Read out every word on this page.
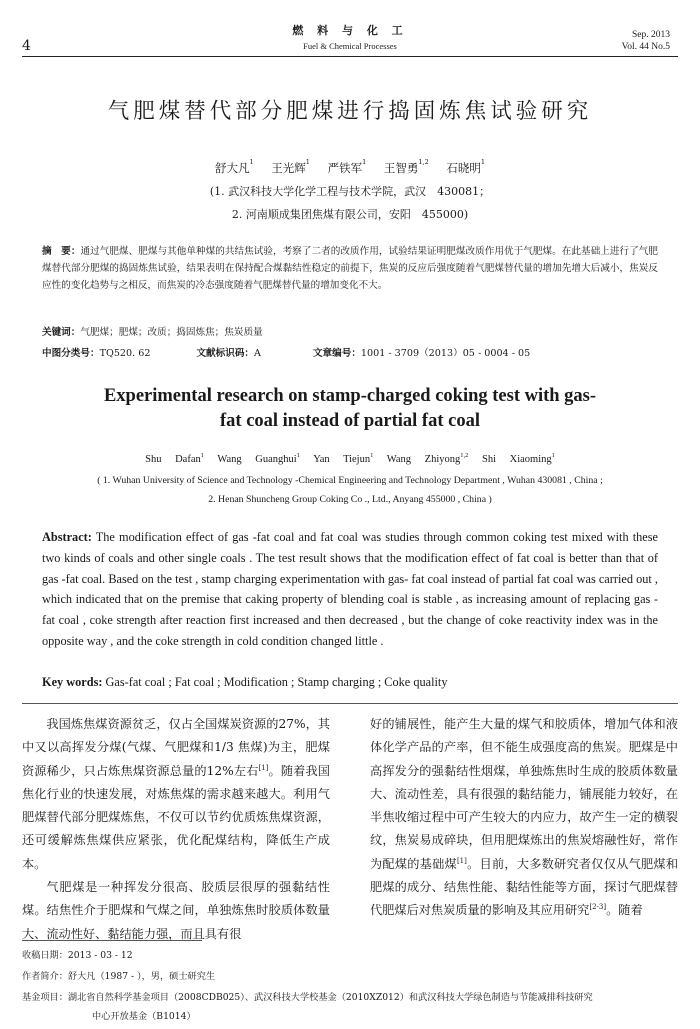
4
燃 料 与 化 工
Fuel & Chemical Processes
Sep. 2013
Vol. 44 No.5
气肥煤替代部分肥煤进行捣固炼焦试验研究
舒大凡$^1$ 王光辉$^1$ 严铁军$^1$ 王智勇$^{1,2}$ 石晓明$^1$
(1. 武汉科技大学化学工程与技术学院，武汉　430081；
2. 河南顺成集团焦煤有限公司，安阳　455000)
摘　要：通过气肥煤、肥煤与其他单种煤的共结焦试验，考察了二者的改质作用，试验结果证明肥煤改质作用优于气肥煤。在此基础上进行了气肥煤替代部分肥煤的捣固炼焦试验，结果表明在保持配合煤黏结性稳定的前提下，焦炭的反应后强度随着气肥煤替代量的增加先增大后减小，焦炭反应性的变化趋势与之相反，而焦炭的冷态强度随着气肥煤替代量的增加变化不大。
关键词：气肥煤；肥煤；改质；捣固炼焦；焦炭质量
中图分类号：TQ520. 62	文献标识码：A	文章编号：1001 - 3709（2013）05 - 0004 - 05
Experimental research on stamp-charged coking test with gas-fat coal instead of partial fat coal
Shu Dafan$^1$ Wang Guanghui$^1$ Yan Tiejun$^1$ Wang Zhiyong$^{1,2}$ Shi Xiaoming$^1$
( 1. Wuhan University of Science and Technology -Chemical Engineering and Technology Department , Wuhan 430081 , China ;
2. Henan Shuncheng Group Coking Co ., Ltd., Anyang 455000 , China )
Abstract: The modification effect of gas -fat coal and fat coal was studies through common coking test mixed with these two kinds of coals and other single coals . The test result shows that the modification effect of fat coal is better than that of gas -fat coal. Based on the test , stamp charging experimentation with gas- fat coal instead of partial fat coal was carried out , which indicated that on the premise that caking property of blending coal is stable , as increasing amount of replacing gas -fat coal , coke strength after reaction first increased and then decreased , but the change of coke reactivity index was in the opposite way , and the coke strength in cold condition changed little .
Key words: Gas-fat coal ; Fat coal ; Modification ; Stamp charging ; Coke quality

我国炼焦煤资源贫乏，仅占全国煤炭资源的27%，其中又以高挥发分煤(气煤、气肥煤和1/3 焦煤)为主，肥煤资源稀少，只占炼焦煤资源总量的12%左右[1]。随着我国焦化行业的快速发展，对炼焦煤的需求越来越大。利用气肥煤替代部分肥煤炼焦，不仅可以节约优质炼焦煤资源，还可缓解炼焦煤供应紧张，优化配煤结构，降低生产成本。

气肥煤是一种挥发分很高、胶质层很厚的强黏结性煤。结焦性介于肥煤和气煤之间，单独炼焦时胶质体数量大、流动性好、黏结能力强，而且具有很

好的铺展性，能产生大量的煤气和胶质体，增加气体和液体化学产品的产率，但不能生成强度高的焦炭。肥煤是中高挥发分的强黏结性烟煤，单独炼焦时生成的胶质体数量大、流动性差，具有很强的黏结能力，铺展能力较好，在半焦收缩过程中可产生较大的内应力，故产生一定的横裂纹，焦炭易成碎块，但用肥煤炼出的焦炭熔融性好，常作为配煤的基础煤[1]。目前，大多数研究者仅仅从气肥煤和肥煤的成分、结焦性能、黏结性能等方面，探讨气肥煤替代肥煤后对焦炭质量的影响及其应用研究[2-3]。随着

收稿日期：2013 - 03 - 12
作者简介：舒大凡（1987 - ），男，硕士研究生
基金项目：湖北省自然科学基金项目（2008CDB025）、武汉科技大学校基金（2010XZ012）和武汉科技大学绿色制造与节能减排科技研究
中心开放基金（B1014）
